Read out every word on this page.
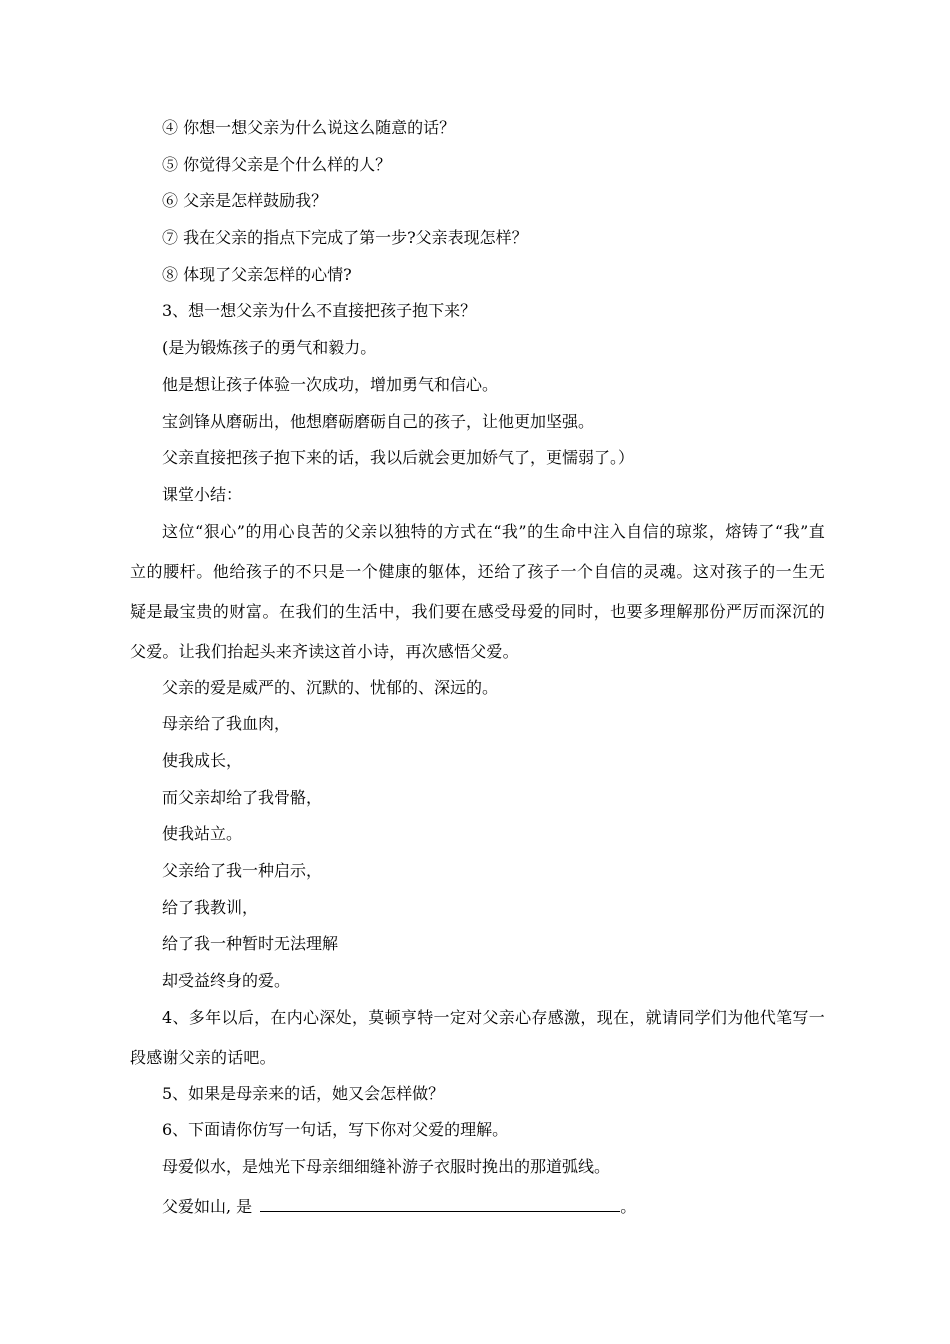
④ 你想一想父亲为什么说这么随意的话？
⑤ 你觉得父亲是个什么样的人？
⑥ 父亲是怎样鼓励我？
⑦ 我在父亲的指点下完成了第一步?父亲表现怎样？
⑧ 体现了父亲怎样的心情?
3、想一想父亲为什么不直接把孩子抱下来？
(是为锻炼孩子的勇气和毅力。
他是想让孩子体验一次成功，增加勇气和信心。
宝剑锋从磨砺出，他想磨砺磨砺自己的孩子，让他更加坚强。
父亲直接把孩子抱下来的话，我以后就会更加娇气了，更懦弱了。）
课堂小结：
这位“狠心”的用心良苦的父亲以独特的方式在“我”的生命中注入自信的琼浆，熔铸了“我”直立的腰杆。他给孩子的不只是一个健康的躯体，还给了孩子一个自信的灵魂。这对孩子的一生无疑是最宝贵的财富。在我们的生活中，我们要在感受母爱的同时，也要多理解那份严厉而深沉的父爱。让我们抬起头来齐读这首小诗，再次感悟父爱。
父亲的爱是威严的、沉默的、忧郁的、深远的。
母亲给了我血肉，
使我成长，
而父亲却给了我骨骼，
使我站立。
父亲给了我一种启示，
给了我教训，
给了我一种暂时无法理解
却受益终身的爱。
4、多年以后，在内心深处，莫顿亨特一定对父亲心存感激，现在，就请同学们为他代笔写一段感谢父亲的话吧。
5、如果是母亲来的话，她又会怎样做？
6、下面请你仿写一句话，写下你对父爱的理解。
母爱似水，是烛光下母亲细细缝补游子衣服时挽出的那道弧线。
父爱如山, 是	。
